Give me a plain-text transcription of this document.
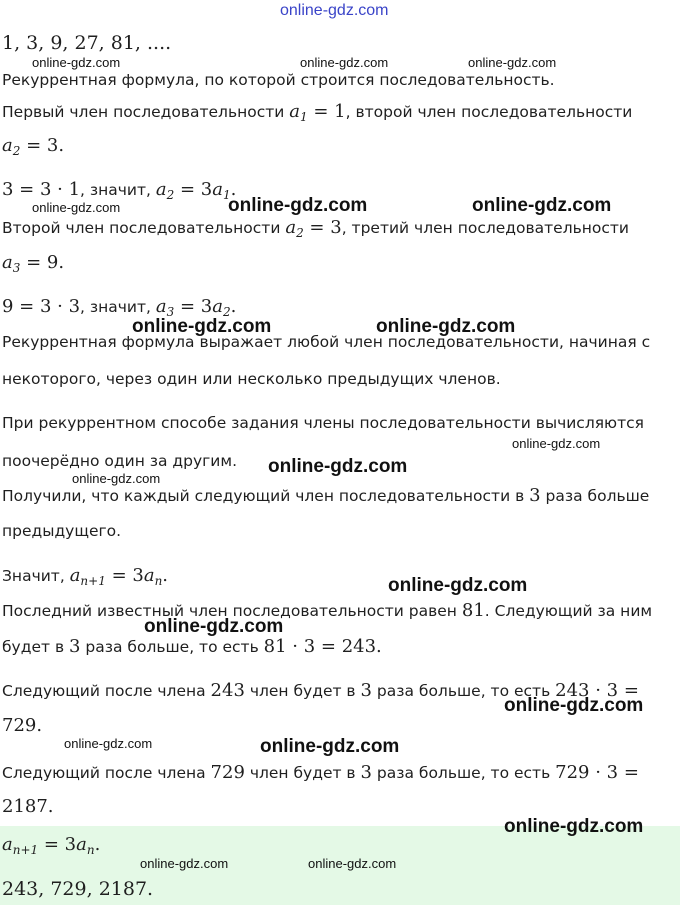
online-gdz.com
1, 3, 9, 27, 81, ....
Рекуррентная формула, по которой строится последовательность.
Первый член последовательности $a_1 = 1$, второй член последовательности
$a_2 = 3$.
3 = 3 · 1, значит, $a_2 = 3a_1$.
Второй член последовательности $a_2 = 3$, третий член последовательности
$a_3 = 9$.
9 = 3 · 3, значит, $a_3 = 3a_2$.
Рекуррентная формула выражает любой член последовательности, начиная с
некоторого, через один или несколько предыдущих членов.
При рекуррентном способе задания члены последовательности вычисляются
поочерёдно один за другим.
Получили, что каждый следующий член последовательности в 3 раза больше
предыдущего.
Значит, $a_{n+1} = 3a_n$.
Последний известный член последовательности равен 81. Следующий за ним
будет в 3 раза больше, то есть 81 · 3 = 243.
Следующий после члена 243 член будет в 3 раза больше, то есть 243 · 3 =
729.
Следующий после члена 729 член будет в 3 раза больше, то есть 729 · 3 =
2187.
$a_{n+1} = 3a_n$.
243, 729, 2187.
online-gdz.com	online-gdz.com	online-gdz.com
online-gdz.com	online-gdz.com	online-gdz.com
online-gdz.com	online-gdz.com
online-gdz.com
online-gdz.com
online-gdz.com
online-gdz.com
online-gdz.com
online-gdz.com
online-gdz.com	online-gdz.com
online-gdz.com
online-gdz.com	online-gdz.com
